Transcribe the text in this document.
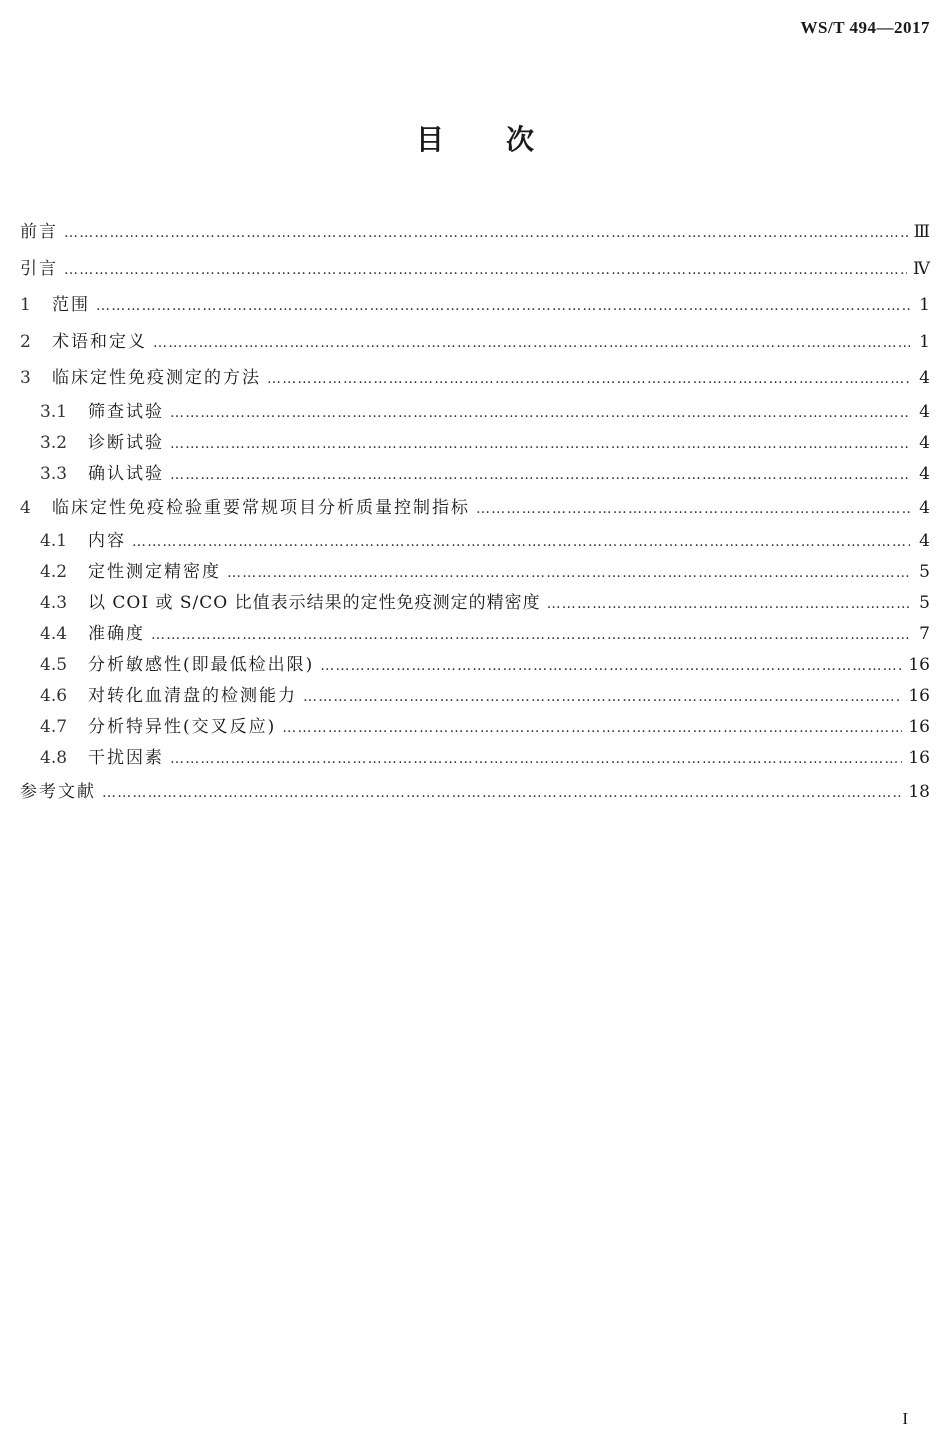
WS/T 494—2017
目 次
前言 ……………………………………………………………………………………………………………………………………………………………………………………………………………………………………………………………………………	Ⅲ
引言 ……………………………………………………………………………………………………………………………………………………………………………………………………………………………………………………………………………	Ⅳ
1	范围 ……………………………………………………………………………………………………………………………………………………………………………………………………………………………………………………………………………	1
2	术语和定义 ……………………………………………………………………………………………………………………………………………………………………………………………………………………………………………………………………………	1
3	临床定性免疫测定的方法 ……………………………………………………………………………………………………………………………………………………………………………………………………………………………………………………………………………	4
3.1	筛查试验 ……………………………………………………………………………………………………………………………………………………………………………………………………………………………………………………………………………	4
3.2	诊断试验 ……………………………………………………………………………………………………………………………………………………………………………………………………………………………………………………………………………	4
3.3	确认试验 ……………………………………………………………………………………………………………………………………………………………………………………………………………………………………………………………………………	4
4	临床定性免疫检验重要常规项目分析质量控制指标 ……………………………………………………………………………………………………………………………………………………………………………………………………………………………………………………………………………	4
4.1	内容 ……………………………………………………………………………………………………………………………………………………………………………………………………………………………………………………………………………	4
4.2	定性测定精密度 ……………………………………………………………………………………………………………………………………………………………………………………………………………………………………………………………………………	5
4.3	以 COI 或 S/CO 比值表示结果的定性免疫测定的精密度 ……………………………………………………………………………………………………………………………………………………………………………………………………………………………………………………………………………	5
4.4	准确度 ……………………………………………………………………………………………………………………………………………………………………………………………………………………………………………………………………………	7
4.5	分析敏感性(即最低检出限) ……………………………………………………………………………………………………………………………………………………………………………………………………………………………………………………………………………	16
4.6	对转化血清盘的检测能力 ……………………………………………………………………………………………………………………………………………………………………………………………………………………………………………………………………………	16
4.7	分析特异性(交叉反应) ……………………………………………………………………………………………………………………………………………………………………………………………………………………………………………………………………………	16
4.8	干扰因素 ……………………………………………………………………………………………………………………………………………………………………………………………………………………………………………………………………………	16
参考文献 ……………………………………………………………………………………………………………………………………………………………………………………………………………………………………………………………………………	18
I
